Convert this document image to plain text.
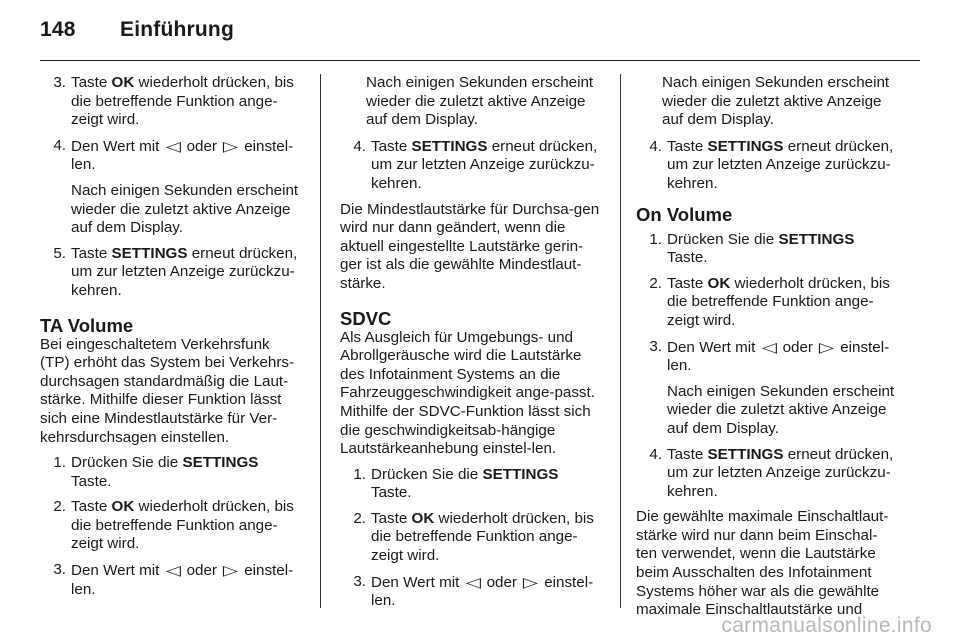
148	Einführung
3. Taste OK wiederholt drücken, bis die betreffende Funktion ange-zeigt wird.

4. Den Wert mit ◁ oder ▷ einstel-len.

Nach einigen Sekunden erscheint wieder die zuletzt aktive Anzeige auf dem Display.

5. Taste SETTINGS erneut drücken, um zur letzten Anzeige zurückzu-kehren.

TA Volume

Bei eingeschaltetem Verkehrsfunk (TP) erhöht das System bei Verkehrs-durchsagen standardmäßig die Laut-stärke. Mithilfe dieser Funktion lässt sich eine Mindestlautstärke für Ver-kehrsdurchsagen einstellen.

1. Drücken Sie die SETTINGS Taste.

2. Taste OK wiederholt drücken, bis die betreffende Funktion ange-zeigt wird.

3. Den Wert mit ◁ oder ▷ einstel-len.

Nach einigen Sekunden erscheint wieder die zuletzt aktive Anzeige auf dem Display.

4. Taste SETTINGS erneut drücken, um zur letzten Anzeige zurückzu-kehren.

Die Mindestlautstärke für Durchsa-gen wird nur dann geändert, wenn die aktuell eingestellte Lautstärke gerin-ger ist als die gewählte Mindestlaut-stärke.

SDVC

Als Ausgleich für Umgebungs- und Abrollgeräusche wird die Lautstärke des Infotainment Systems an die Fahrzeuggeschwindigkeit ange-passt. Mithilfe der SDVC-Funktion lässt sich die geschwindigkeitsab-hängige Lautstärkeanhebung einstel-len.

1. Drücken Sie die SETTINGS Taste.

2. Taste OK wiederholt drücken, bis die betreffende Funktion ange-zeigt wird.

3. Den Wert mit ◁ oder ▷ einstel-len.

Nach einigen Sekunden erscheint wieder die zuletzt aktive Anzeige auf dem Display.

4. Taste SETTINGS erneut drücken, um zur letzten Anzeige zurückzu-kehren.

On Volume
1. Drücken Sie die SETTINGS Taste.

2. Taste OK wiederholt drücken, bis die betreffende Funktion ange-zeigt wird.

3. Den Wert mit ◁ oder ▷ einstel-len.

Nach einigen Sekunden erscheint wieder die zuletzt aktive Anzeige auf dem Display.

4. Taste SETTINGS erneut drücken, um zur letzten Anzeige zurückzu-kehren.

Die gewählte maximale Einschaltlaut-stärke wird nur dann beim Einschal-ten verwendet, wenn die Lautstärke beim Ausschalten des Infotainment Systems höher war als die gewählte maximale Einschaltlautstärke und

carmanualsonline.info
